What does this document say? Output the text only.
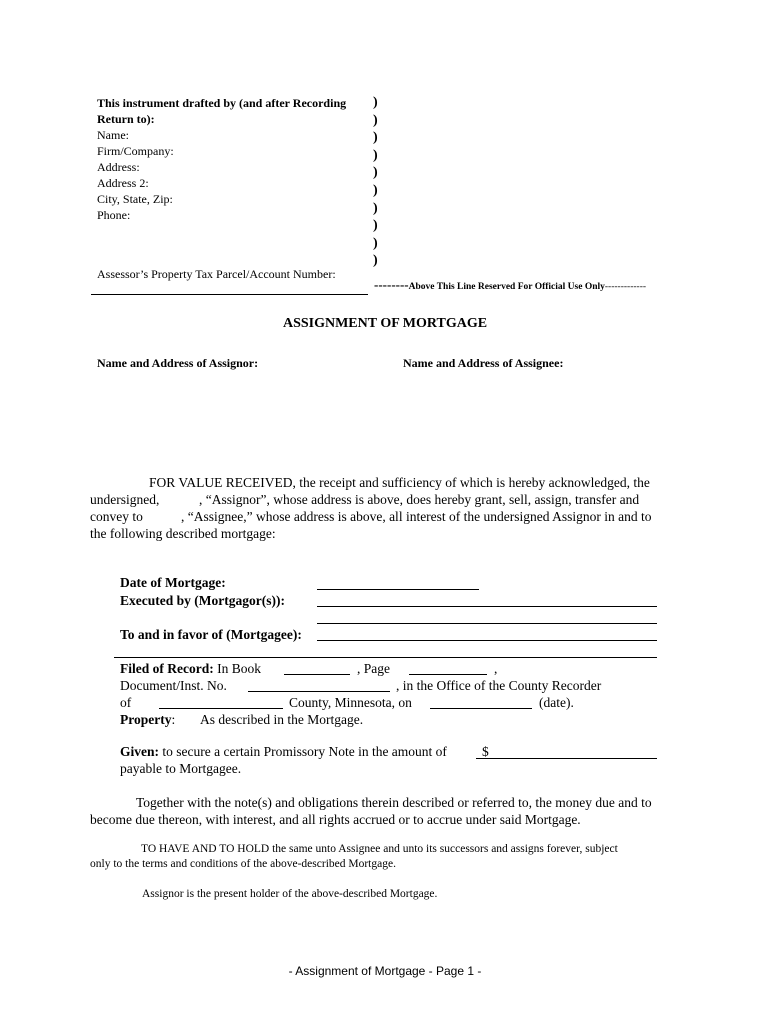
This instrument drafted by (and after Recording
Return to):
Name:
Firm/Company:
Address:
Address 2:
City, State, Zip:
Phone:
Assessor’s Property Tax Parcel/Account Number:
)
)
)
)
)
)
)
)
)
)
--------Above This Line Reserved For Official Use Only-------------
ASSIGNMENT OF MORTGAGE
Name and Address of Assignor:	Name and Address of Assignee:
FOR VALUE RECEIVED, the receipt and sufficiency of which is hereby acknowledged, the
undersigned,	, “Assignor”, whose address is above, does hereby grant, sell, assign, transfer and
convey to	, “Assignee,” whose address is above, all interest of the undersigned Assignor in and to
the following described mortgage:
Date of Mortgage:
Executed by (Mortgagor(s)):
To and in favor of (Mortgagee):
Filed of Record: In Book	, Page	,
Document/Inst. No.	, in the Office of the County Recorder
of	County, Minnesota, on	(date).
Property: As described in the Mortgage.
Given: to secure a certain Promissory Note in the amount of	$
payable to Mortgagee.
Together with the note(s) and obligations therein described or referred to, the money due and to
become due thereon, with interest, and all rights accrued or to accrue under said Mortgage.
TO HAVE AND TO HOLD the same unto Assignee and unto its successors and assigns forever, subject
only to the terms and conditions of the above-described Mortgage.
Assignor is the present holder of the above-described Mortgage.
- Assignment of Mortgage - Page 1 -
